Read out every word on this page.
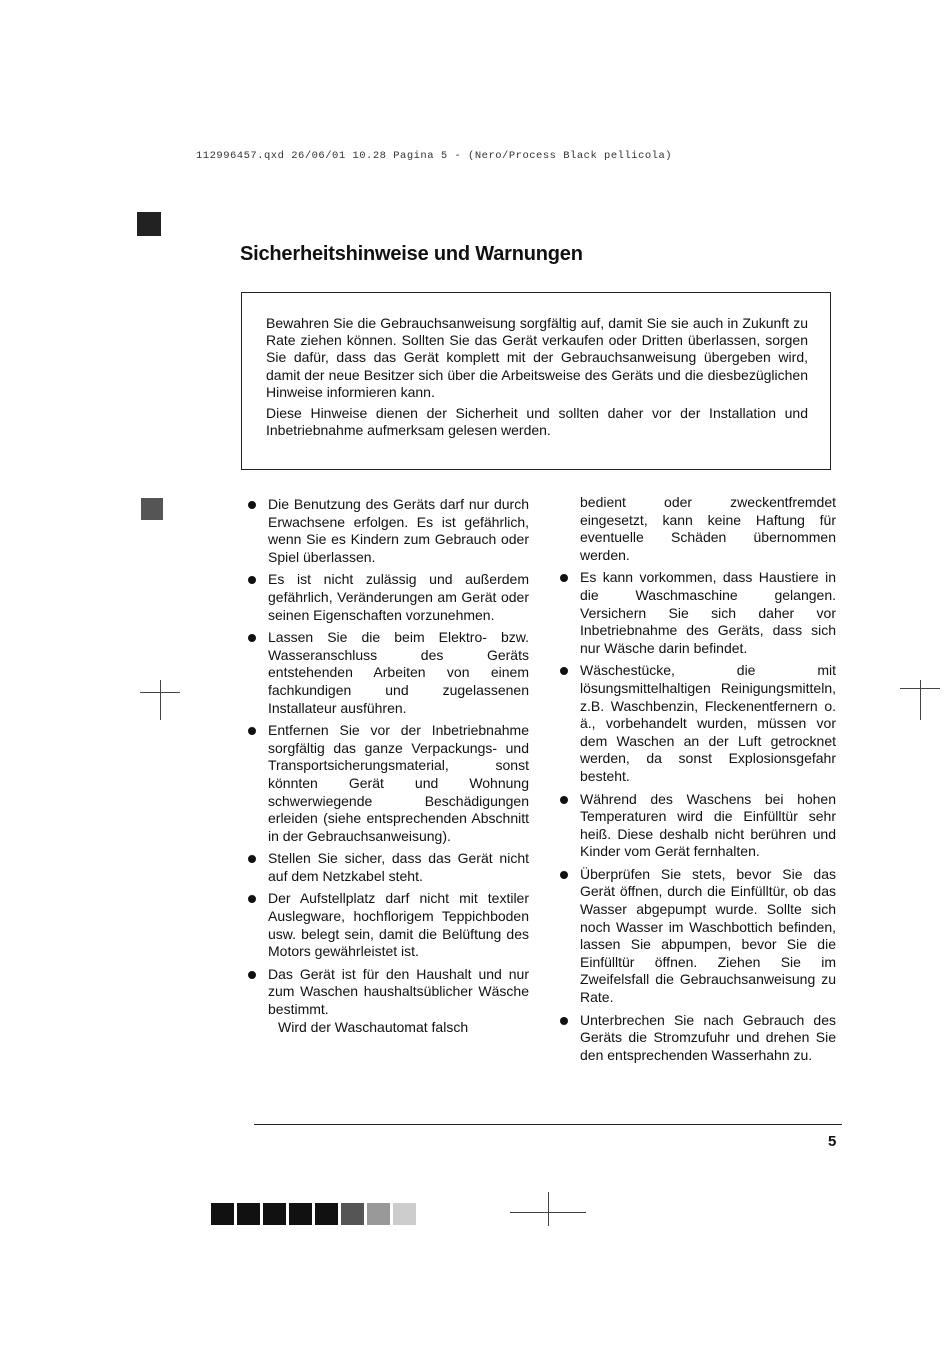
112996457.qxd 26/06/01 10.28 Pagina 5 - (Nero/Process Black pellicola)
Sicherheitshinweise und Warnungen

Bewahren Sie die Gebrauchsanweisung sorgfältig auf, damit Sie sie auch in Zukunft zu Rate ziehen können. Sollten Sie das Gerät verkaufen oder Dritten überlassen, sorgen Sie dafür, dass das Gerät komplett mit der Gebrauchsanweisung übergeben wird, damit der neue Besitzer sich über die Arbeitsweise des Geräts und die diesbezüglichen Hinweise informieren kann.

Diese Hinweise dienen der Sicherheit und sollten daher vor der Installation und Inbetriebnahme aufmerksam gelesen werden.

Die Benutzung des Geräts darf nur durch Erwachsene erfolgen. Es ist gefährlich, wenn Sie es Kindern zum Gebrauch oder Spiel überlassen.
Es ist nicht zulässig und außerdem gefährlich, Veränderungen am Gerät oder seinen Eigenschaften vorzunehmen.
Lassen Sie die beim Elektro- bzw. Wasseranschluss des Geräts entstehenden Arbeiten von einem fachkundigen und zugelassenen Installateur ausführen.
Entfernen Sie vor der Inbetriebnahme sorgfältig das ganze Verpackungs- und Transportsicherungsmaterial, sonst könnten Gerät und Wohnung schwerwiegende Beschädigungen erleiden (siehe entsprechenden Abschnitt in der Gebrauchsanweisung).
Stellen Sie sicher, dass das Gerät nicht auf dem Netzkabel steht.
Der Aufstellplatz darf nicht mit textiler Auslegware, hochflorigem Teppichboden usw. belegt sein, damit die Belüftung des Motors gewährleistet ist.
Das Gerät ist für den Haushalt und nur zum Waschen haushaltsüblicher Wäsche bestimmt.
Wird der Waschautomat falsch
bedient oder zweckentfremdet eingesetzt, kann keine Haftung für eventuelle Schäden übernommen werden.
Es kann vorkommen, dass Haustiere in die Waschmaschine gelangen. Versichern Sie sich daher vor Inbetriebnahme des Geräts, dass sich nur Wäsche darin befindet.
Wäschestücke, die mit lösungsmittelhaltigen Reinigungsmitteln, z.B. Waschbenzin, Fleckenentfernern o. ä., vorbehandelt wurden, müssen vor dem Waschen an der Luft getrocknet werden, da sonst Explosionsgefahr besteht.
Während des Waschens bei hohen Temperaturen wird die Einfülltür sehr heiß. Diese deshalb nicht berühren und Kinder vom Gerät fernhalten.
Überprüfen Sie stets, bevor Sie das Gerät öffnen, durch die Einfülltür, ob das Wasser abgepumpt wurde. Sollte sich noch Wasser im Waschbottich befinden, lassen Sie abpumpen, bevor Sie die Einfülltür öffnen. Ziehen Sie im Zweifelsfall die Gebrauchsanweisung zu Rate.
Unterbrechen Sie nach Gebrauch des Geräts die Stromzufuhr und drehen Sie den entsprechenden Wasserhahn zu.
5
